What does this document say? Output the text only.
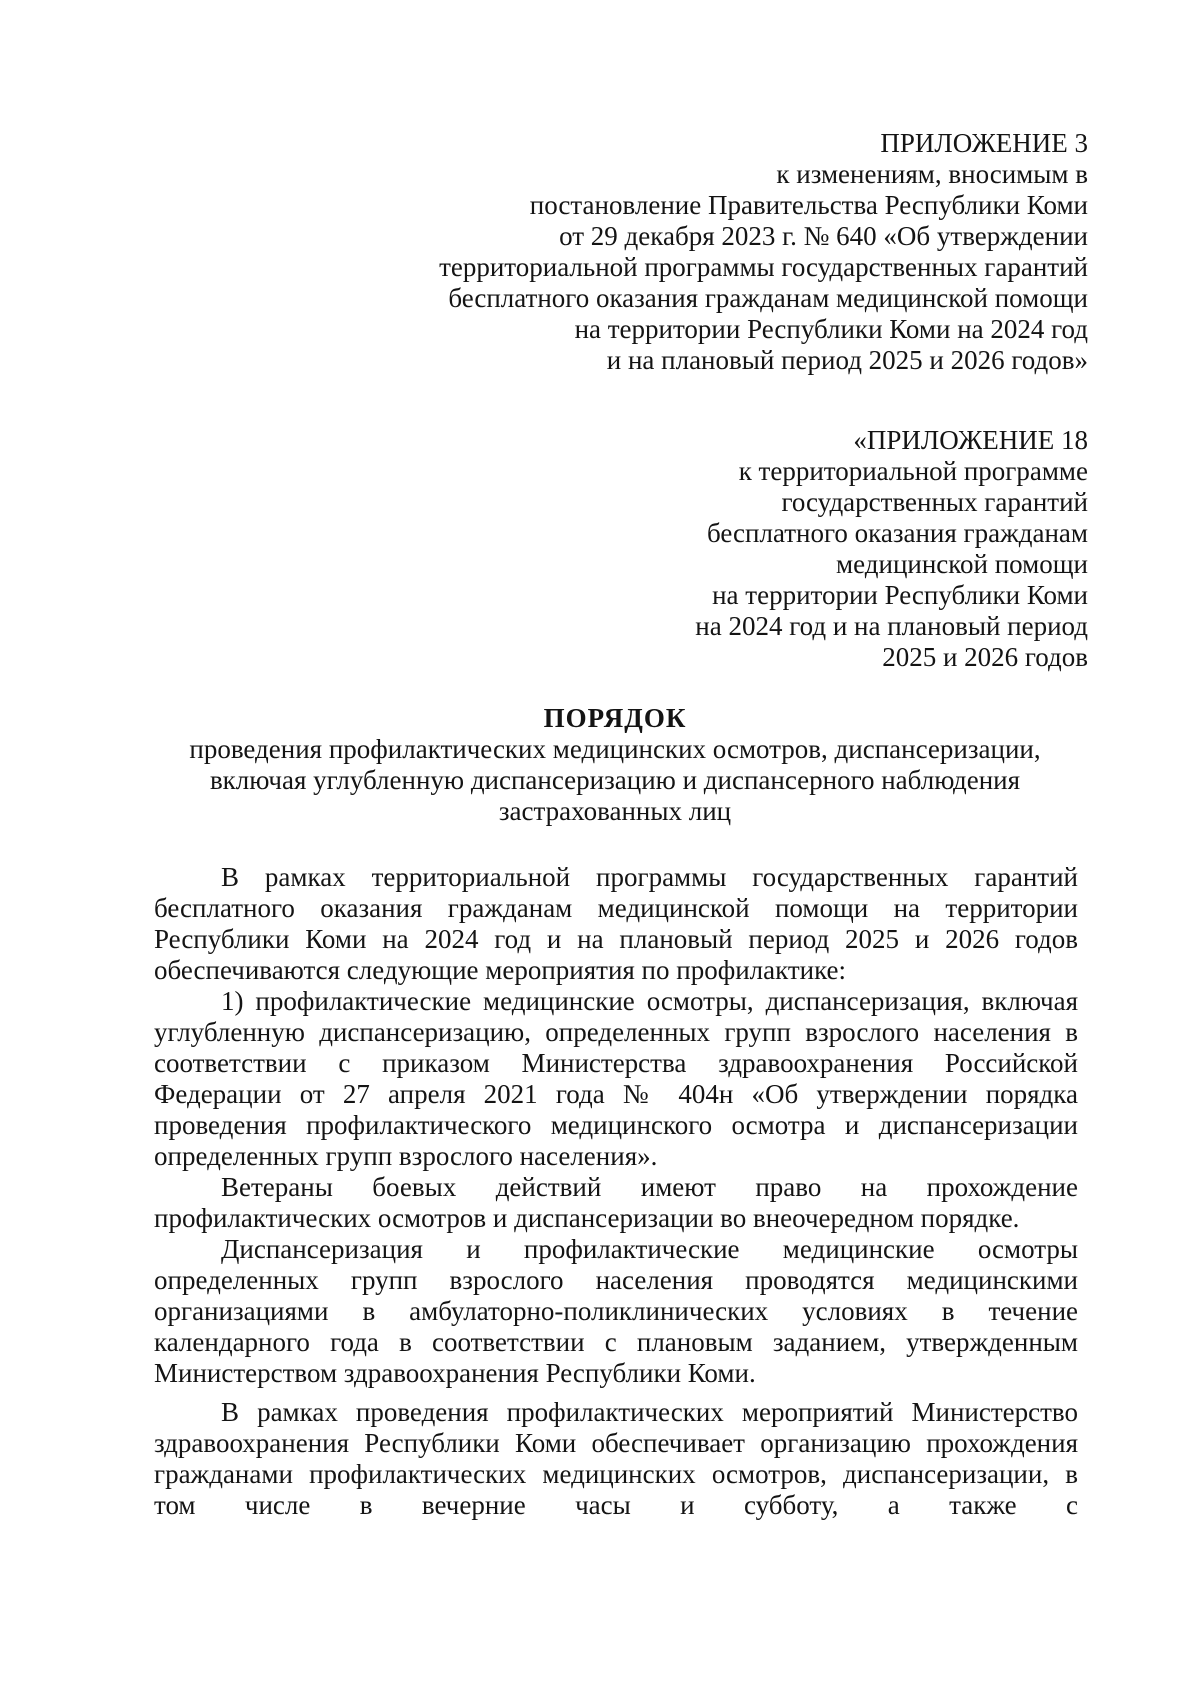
ПРИЛОЖЕНИЕ 3
к изменениям, вносимым в
постановление Правительства Республики Коми
от 29 декабря 2023 г. № 640 «Об утверждении
территориальной программы государственных гарантий
бесплатного оказания гражданам медицинской помощи
на территории Республики Коми на 2024 год
и на плановый период 2025 и 2026 годов»
«ПРИЛОЖЕНИЕ 18
к территориальной программе
государственных гарантий
бесплатного оказания гражданам
медицинской помощи
на территории Республики Коми
на 2024 год и на плановый период
2025 и 2026 годов
ПОРЯДОК
проведения профилактических медицинских осмотров, диспансеризации,
включая углубленную диспансеризацию и диспансерного наблюдения
застрахованных лиц

В рамках территориальной программы государственных гарантий бесплатного оказания гражданам медицинской помощи на территории Республики Коми на 2024 год и на плановый период 2025 и 2026 годов обеспечиваются следующие мероприятия по профилактике:

1) профилактические медицинские осмотры, диспансеризация, включая углубленную диспансеризацию, определенных групп взрослого населения в соответствии с приказом Министерства здравоохранения Российской Федерации от 27 апреля 2021 года № 404н «Об утверждении порядка проведения профилактического медицинского осмотра и диспансеризации определенных групп взрослого населения».

Ветераны боевых действий имеют право на прохождение профилактических осмотров и диспансеризации во внеочередном порядке.

Диспансеризация и профилактические медицинские осмотры определенных групп взрослого населения проводятся медицинскими организациями в амбулаторно-поликлинических условиях в течение календарного года в соответствии с плановым заданием, утвержденным Министерством здравоохранения Республики Коми.

В рамках проведения профилактических мероприятий Министерство здравоохранения Республики Коми обеспечивает организацию прохождения гражданами профилактических медицинских осмотров, диспансеризации, в том числе в вечерние часы и субботу, а также с
